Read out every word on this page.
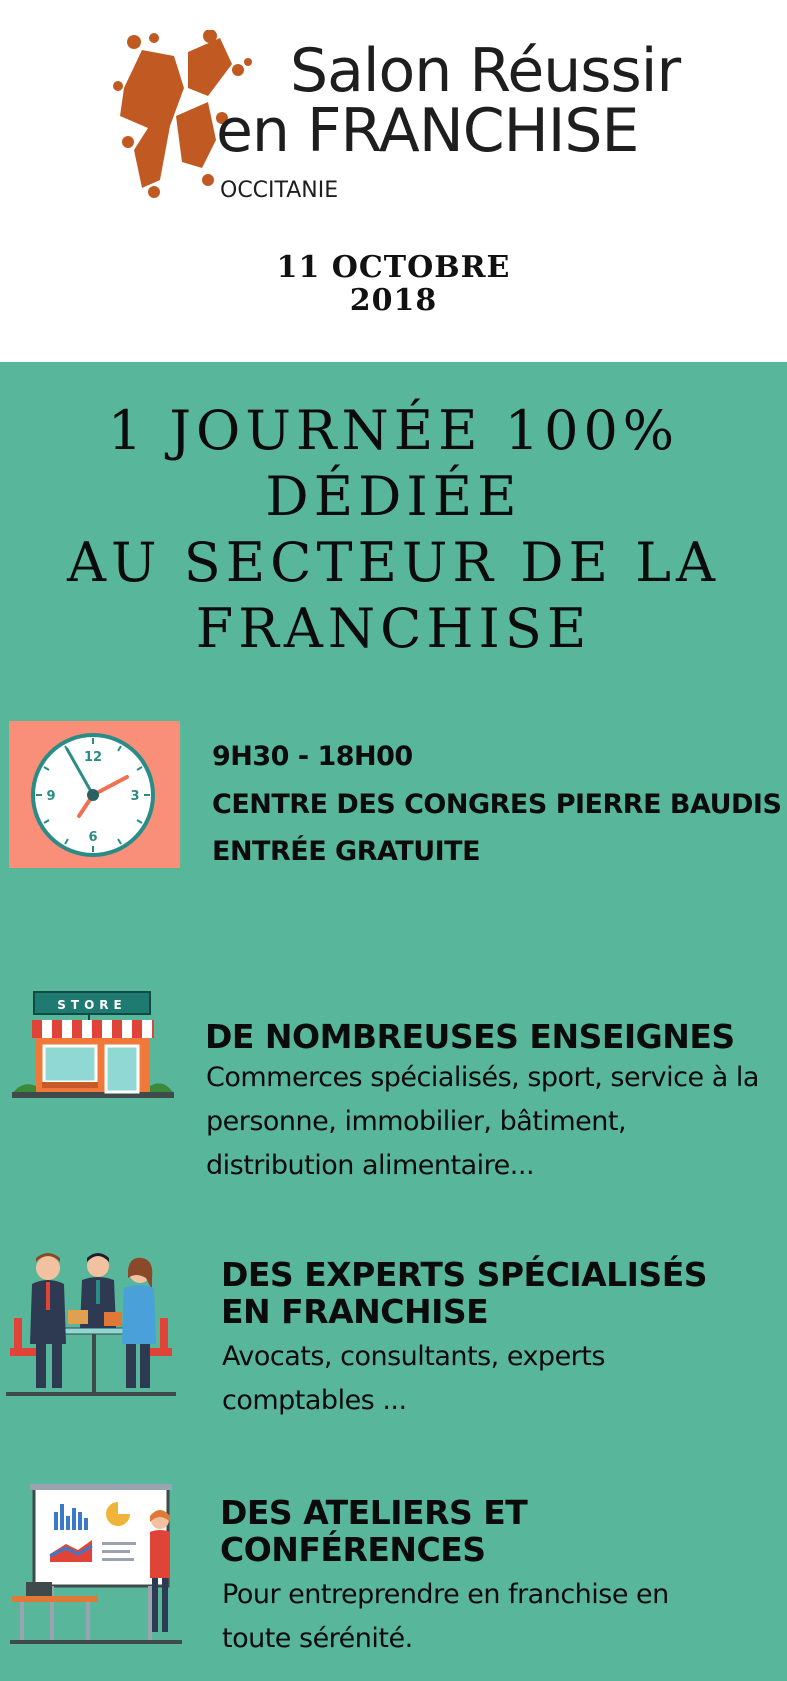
Salon Réussir
en FRANCHISE
OCCITANIE
11 OCTOBRE
2018
1 JOURNÉE 100% DÉDIÉE
AU SECTEUR DE LA
FRANCHISE
12
3
6
9
9H30 - 18H00
CENTRE DES CONGRES PIERRE BAUDIS
ENTRÉE GRATUITE
STORE
DE NOMBREUSES ENSEIGNES
Commerces spécialisés, sport, service à la
personne, immobilier, bâtiment,
distribution alimentaire...
DES EXPERTS SPÉCIALISÉS
EN FRANCHISE
Avocats, consultants, experts
comptables ...
DES ATELIERS ET
CONFÉRENCES
Pour entreprendre en franchise en
toute sérénité.
